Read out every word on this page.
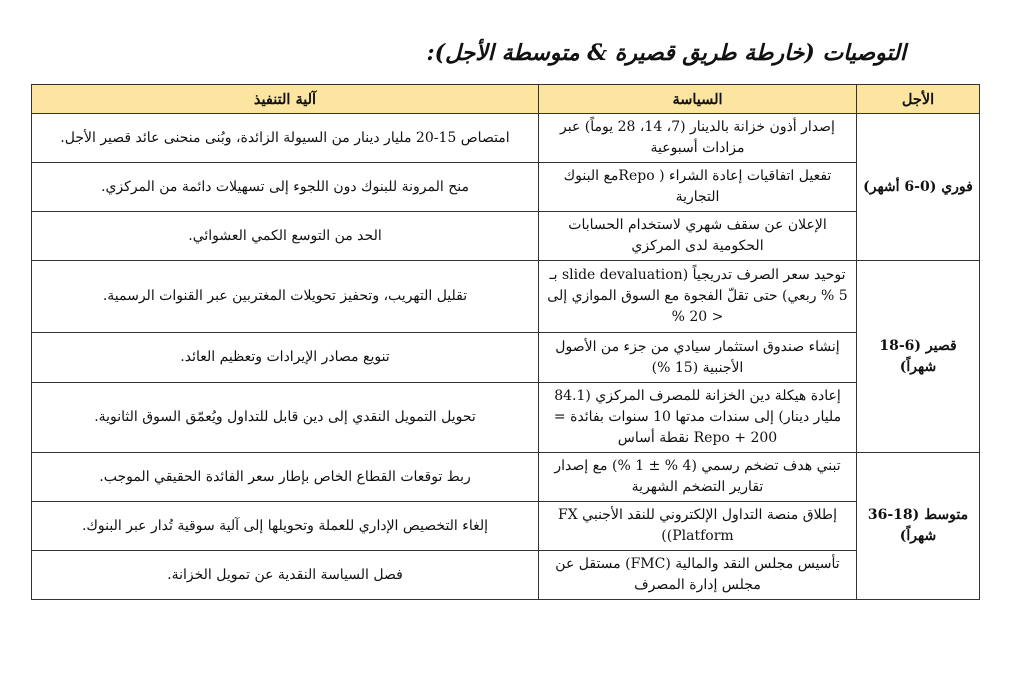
التوصيات (خارطة طريق قصيرة & متوسطة الأجل):
الأجل	السياسة	آلية التنفيذ
فوري (0-6 أشهر)	إصدار أذون خزانة بالدينار (7، 14، 28 يوماً) عبر مزادات أسبوعية	امتصاص 15-20 مليار دينار من السيولة الزائدة، وبُنى منحنى عائد قصير الأجل.
	تفعيل اتفاقيات إعادة الشراء ( Repoمع البنوك التجارية	منح المرونة للبنوك دون اللجوء إلى تسهيلات دائمة من المركزي.
	الإعلان عن سقف شهري لاستخدام الحسابات الحكومية لدى المركزي	الحد من التوسع الكمي العشوائي.
قصير (6-18 شهراً)	توحيد سعر الصرف تدريجياً (slide devaluation بـ 5 % ربعي) حتى تقلّ الفجوة مع السوق الموازي إلى < 20 %	تقليل التهريب، وتحفيز تحويلات المغتربين عبر القنوات الرسمية.
	إنشاء صندوق استثمار سيادي من جزء من الأصول الأجنبية (15 %)	تنويع مصادر الإيرادات وتعظيم العائد.
	إعادة هيكلة دين الخزانة للمصرف المركزي (84.1 مليار دينار) إلى سندات مدتها 10 سنوات بفائدة = Repo + 200 نقطة أساس	تحويل التمويل النقدي إلى دين قابل للتداول ويُعمّق السوق الثانوية.
متوسط (18-36 شهراً)	تبني هدف تضخم رسمي (4 % ± 1 %) مع إصدار تقارير التضخم الشهرية	ربط توقعات القطاع الخاص بإطار سعر الفائدة الحقيقي الموجب.
	إطلاق منصة التداول الإلكتروني للنقد الأجنبي FX Platform))	إلغاء التخصيص الإداري للعملة وتحويلها إلى آلية سوقية تُدار عبر البنوك.
	تأسيس مجلس النقد والمالية (FMC) مستقل عن مجلس إدارة المصرف	فصل السياسة النقدية عن تمويل الخزانة.
